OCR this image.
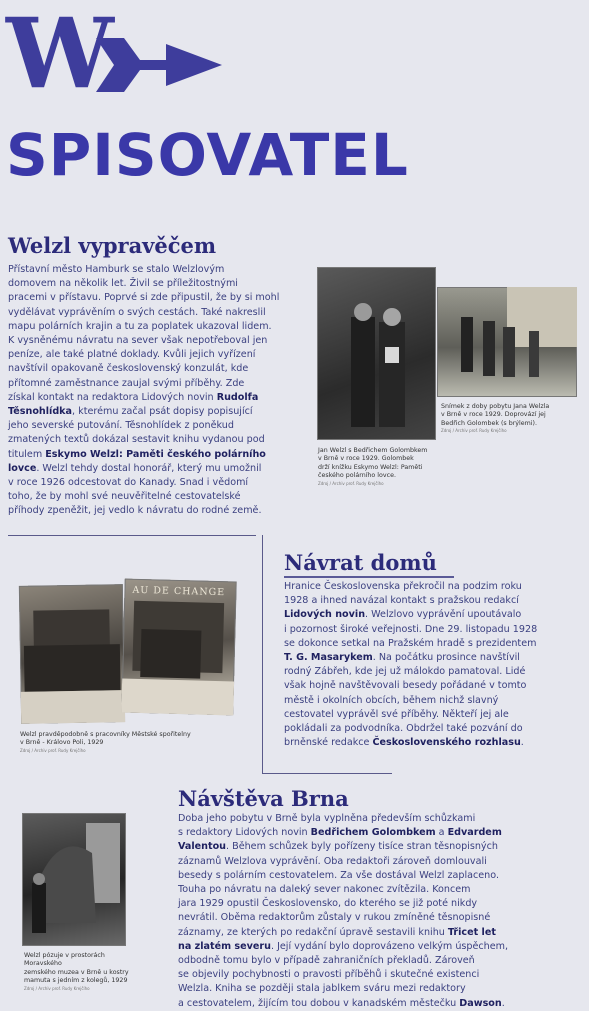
W
SPISOVATEL
Welzl vypravěčem
Přístavní město Hamburk se stalo Welzlovým
domovem na několik let. Živil se příležitostnými
pracemi v přístavu. Poprvé si zde připustil, že by si mohl
vydělávat vyprávěním o svých cestách. Také nakreslil
mapu polárních krajin a tu za poplatek ukazoval lidem.
K vysněnému návratu na sever však nepotřeboval jen
peníze, ale také platné doklady. Kvůli jejich vyřízení
navštívil opakovaně československý konzulát, kde
přítomné zaměstnance zaujal svými příběhy. Zde
získal kontakt na redaktora Lidových novin Rudolfa
Těsnohlídka, kterému začal psát dopisy popisující
jeho severské putování. Těsnohlídek z poněkud
zmatených textů dokázal sestavit knihu vydanou pod
titulem Eskymo Welzl: Paměti českého polárního
lovce. Welzl tehdy dostal honorář, který mu umožnil
v roce 1926 odcestovat do Kanady. Snad i vědomí
toho, že by mohl své neuvěřitelné cestovatelské
příhody zpeněžit, jej vedlo k návratu do rodné země.
Jan Welzl s Bedřichem Golombkem
v Brně v roce 1929. Golombek
drží knížku Eskymo Welzl: Paměti
českého polárního lovce.
Zdroj / Archiv prof. Rudy Krejčího
Snímek z doby pobytu Jana Welzla
v Brně v roce 1929. Doprovází jej
Bedřich Golombek (s brýlemi).
Zdroj / Archiv prof. Rudy Krejčího
Návrat domů
Hranice Československa překročil na podzim roku
1928 a ihned navázal kontakt s pražskou redakcí
Lidových novin. Welzlovo vyprávění upoutávalo
i pozornost široké veřejnosti. Dne 29. listopadu 1928
se dokonce setkal na Pražském hradě s prezidentem
T. G. Masarykem. Na počátku prosince navštívil
rodný Zábřeh, kde jej už málokdo pamatoval. Lidé
však hojně navštěvovali besedy pořádané v tomto
městě i okolních obcích, během nichž slavný
cestovatel vyprávěl své příběhy. Někteří jej ale
pokládali za podvodníka. Obdržel také pozvání do
brněnské redakce Československého rozhlasu.
AU DE CHANGE
Welzl pravděpodobně s pracovníky Městské spořitelny
v Brně - Královo Poli, 1929
Zdroj / Archiv prof. Rudy Krejčího
Návštěva Brna
Doba jeho pobytu v Brně byla vyplněna především schůzkami
s redaktory Lidových novin Bedřichem Golombkem a Edvardem
Valentou. Během schůzek byly pořízeny tisíce stran těsnopisných
záznamů Welzlova vyprávění. Oba redaktoři zároveň domlouvali
besedy s polárním cestovatelem. Za vše dostával Welzl zaplaceno.
Touha po návratu na daleký sever nakonec zvítězila. Koncem
jara 1929 opustil Československo, do kterého se již poté nikdy
nevrátil. Oběma redaktorům zůstaly v rukou zmíněné těsnopisné
záznamy, ze kterých po redakční úpravě sestavili knihu Třicet let
na zlatém severu. Její vydání bylo doprovázeno velkým úspěchem,
odbodně tomu bylo v případě zahraničních překladů. Zároveň
se objevily pochybnosti o pravosti příběhů i skutečné existenci
Welzla. Kniha se později stala jablkem sváru mezi redaktory
a cestovatelem, žijícím tou dobou v kanadském městečku Dawson.
Welzl pózuje v prostorách Moravského
zemského muzea v Brně u kostry
mamuta s jedním z kolegů, 1929
Zdroj / Archiv prof. Rudy Krejčího
